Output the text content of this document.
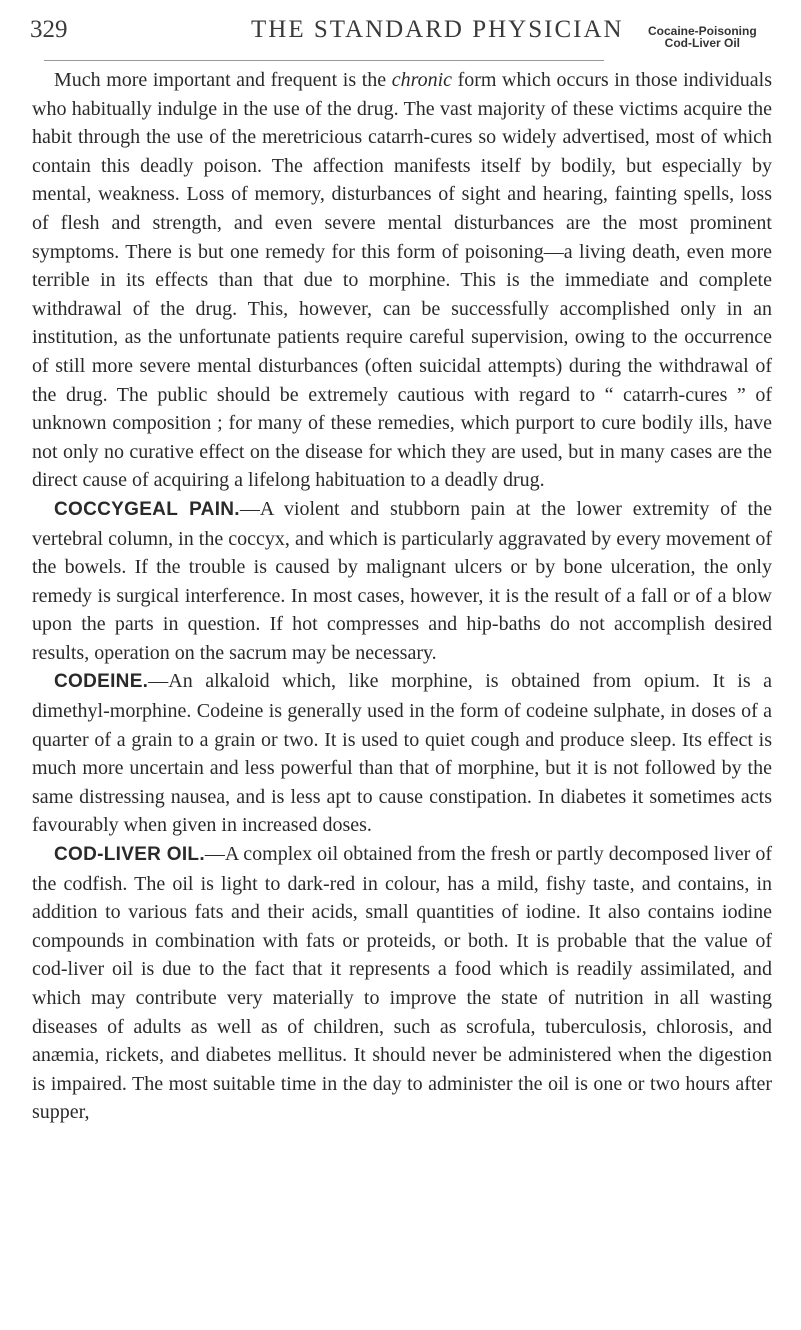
329	THE STANDARD PHYSICIAN Cocaine-Poisoning
Cod-Liver Oil

Much more important and frequent is the chronic form which occurs in those individuals who habitually indulge in the use of the drug. The vast majority of these victims acquire the habit through the use of the meretricious catarrh-cures so widely advertised, most of which contain this deadly poison. The affection manifests itself by bodily, but especially by mental, weakness. Loss of memory, disturbances of sight and hearing, fainting spells, loss of flesh and strength, and even severe mental disturbances are the most prominent symptoms. There is but one remedy for this form of poisoning—a living death, even more terrible in its effects than that due to morphine. This is the immediate and complete withdrawal of the drug. This, however, can be successfully accomplished only in an institution, as the unfortunate patients require careful supervision, owing to the occurrence of still more severe mental disturbances (often suicidal attempts) during the withdrawal of the drug. The public should be extremely cautious with regard to “ catarrh-cures ” of unknown composition ; for many of these remedies, which purport to cure bodily ills, have not only no curative effect on the disease for which they are used, but in many cases are the direct cause of acquiring a lifelong habituation to a deadly drug.

COCCYGEAL PAIN.—A violent and stubborn pain at the lower extremity of the vertebral column, in the coccyx, and which is particularly aggravated by every movement of the bowels. If the trouble is caused by malignant ulcers or by bone ulceration, the only remedy is surgical interference. In most cases, however, it is the result of a fall or of a blow upon the parts in question. If hot compresses and hip-baths do not accomplish desired results, operation on the sacrum may be necessary.

CODEINE.—An alkaloid which, like morphine, is obtained from opium. It is a dimethyl-morphine. Codeine is generally used in the form of codeine sulphate, in doses of a quarter of a grain to a grain or two. It is used to quiet cough and produce sleep. Its effect is much more uncertain and less powerful than that of morphine, but it is not followed by the same distressing nausea, and is less apt to cause constipation. In diabetes it sometimes acts favourably when given in increased doses.

COD-LIVER OIL.—A complex oil obtained from the fresh or partly decomposed liver of the codfish. The oil is light to dark-red in colour, has a mild, fishy taste, and contains, in addition to various fats and their acids, small quantities of iodine. It also contains iodine compounds in combination with fats or proteids, or both. It is probable that the value of cod-liver oil is due to the fact that it represents a food which is readily assimilated, and which may contribute very materially to improve the state of nutrition in all wasting diseases of adults as well as of children, such as scrofula, tuberculosis, chlorosis, and anæmia, rickets, and diabetes mellitus. It should never be administered when the digestion is impaired. The most suitable time in the day to administer the oil is one or two hours after supper,
